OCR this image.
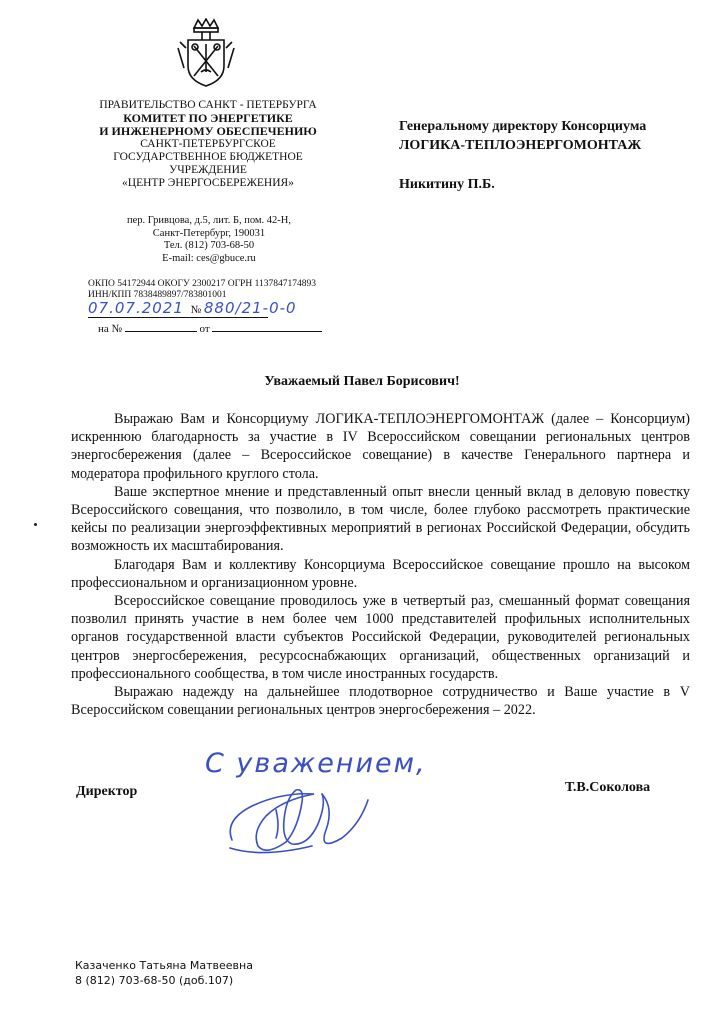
ПРАВИТЕЛЬСТВО САНКТ - ПЕТЕРБУРГА
КОМИТЕТ ПО ЭНЕРГЕТИКЕ
И ИНЖЕНЕРНОМУ ОБЕСПЕЧЕНИЮ
САНКТ-ПЕТЕРБУРГСКОЕ
ГОСУДАРСТВЕННОЕ БЮДЖЕТНОЕ
УЧРЕЖДЕНИЕ
«ЦЕНТР ЭНЕРГОСБЕРЕЖЕНИЯ»
пер. Гривцова, д.5, лит. Б, пом. 42-Н,
Санкт-Петербург, 190031
Тел. (812) 703-68-50
E-mail: ces@gbuce.ru
ОКПО 54172944 ОКОГУ 2300217 ОГРН 1137847174893
ИНН/КПП 7838489897/783801001
07.07.2021 № 880/21-0-0
на №	от
Генеральному директору Консорциума
ЛОГИКА-ТЕПЛОЭНЕРГОМОНТАЖ
Никитину П.Б.
Уважаемый Павел Борисович!

Выражаю Вам и Консорциуму ЛОГИКА-ТЕПЛОЭНЕРГОМОНТАЖ (далее – Консорциум) искреннюю благодарность за участие в IV Всероссийском совещании региональных центров энергосбережения (далее – Всероссийское совещание) в качестве Генерального партнера и модератора профильного круглого стола.

Ваше экспертное мнение и представленный опыт внесли ценный вклад в деловую повестку Всероссийского совещания, что позволило, в том числе, более глубоко рассмотреть практические кейсы по реализации энергоэффективных мероприятий в регионах Российской Федерации, обсудить возможность их масштабирования.

Благодаря Вам и коллективу Консорциума Всероссийское совещание прошло на высоком профессиональном и организационном уровне.

Всероссийское совещание проводилось уже в четвертый раз, смешанный формат совещания позволил принять участие в нем более чем 1000 представителей профильных исполнительных органов государственной власти субъектов Российской Федерации, руководителей региональных центров энергосбережения, ресурсоснабжающих организаций, общественных организаций и профессионального сообщества, в том числе иностранных государств.

Выражаю надежду на дальнейшее плодотворное сотрудничество и Ваше участие в V Всероссийском совещании региональных центров энергосбережения – 2022.

С уважением,
Директор	Т.В.Соколова
Казаченко Татьяна Матвеевна
8 (812) 703-68-50 (доб.107)
